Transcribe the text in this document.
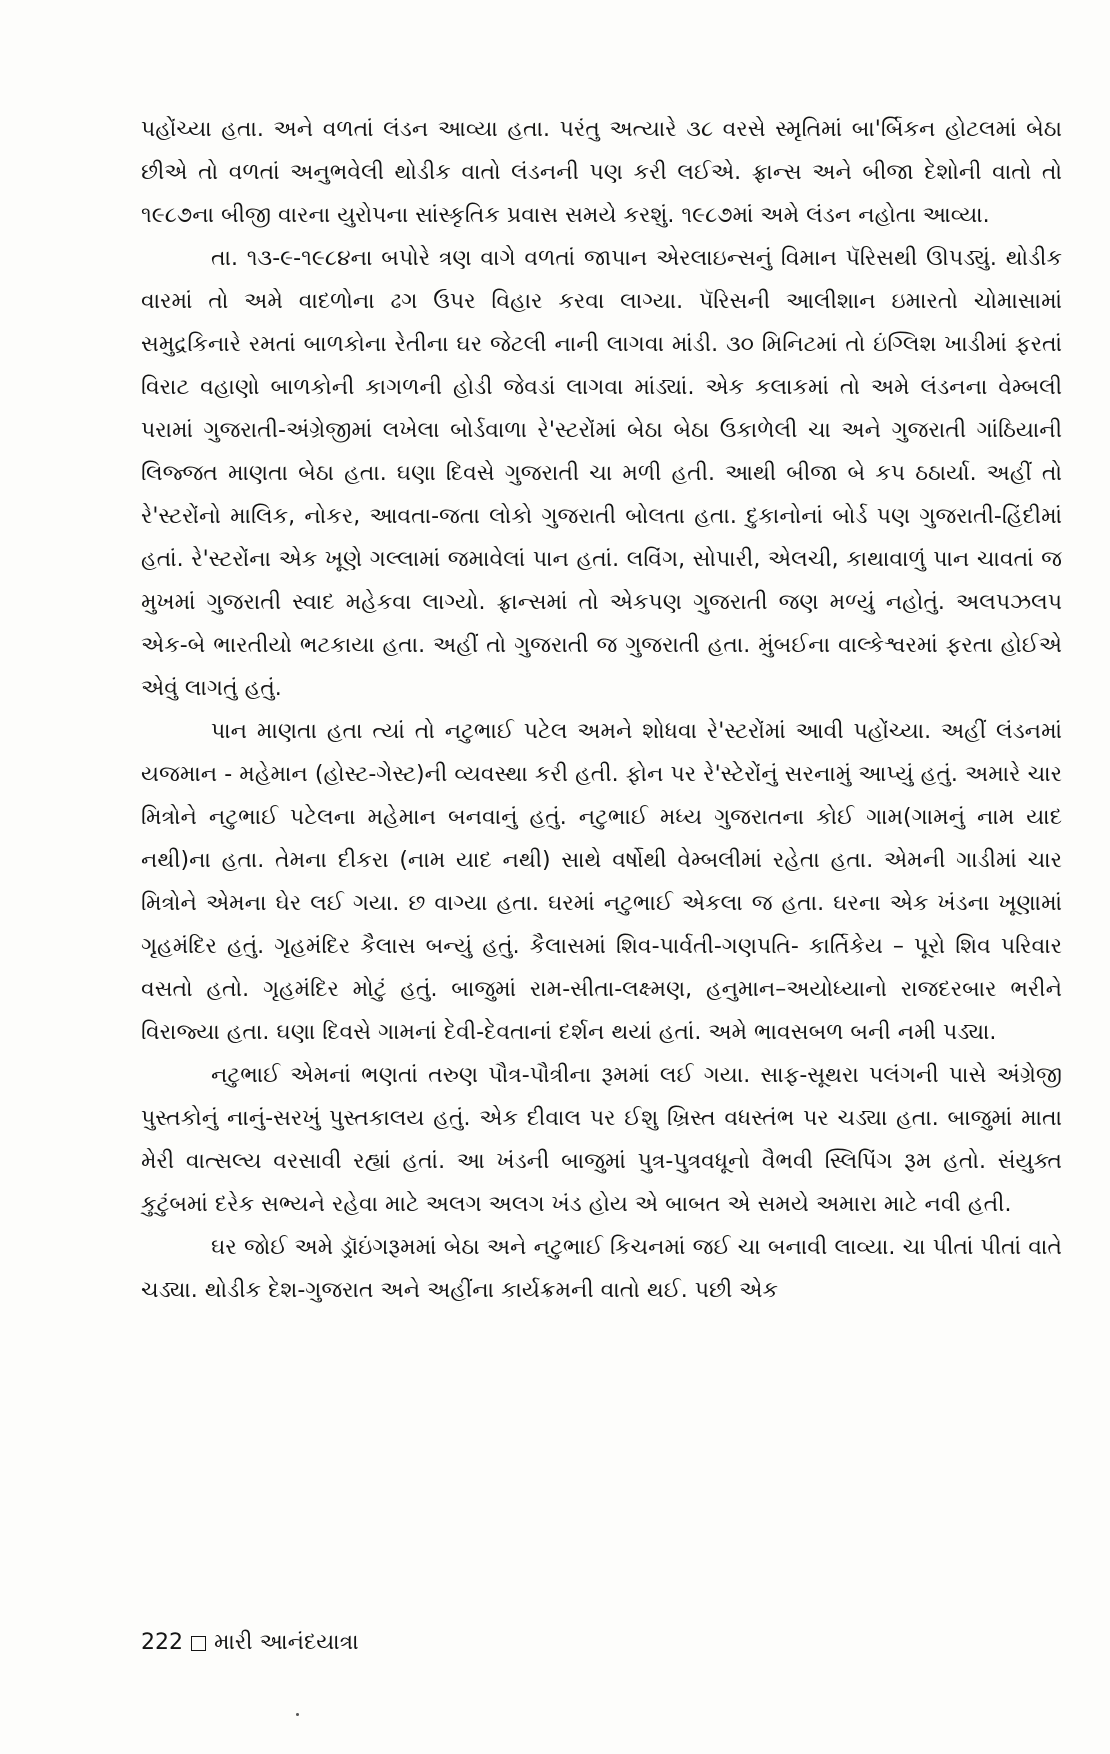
પહોંચ્યા હતા. અને વળતાં લંડન આવ્યા હતા. પરંતુ અત્યારે ૩૮ વરસે સ્મૃતિમાં બા'ર્બિકન હોટલમાં બેઠા છીએ તો વળતાં અનુભવેલી થોડીક વાતો લંડનની પણ કરી લઈએ. ફ્રાન્સ અને બીજા દેશોની વાતો તો ૧૯૮૭ના બીજી વારના યુરોપના સાંસ્કૃતિક પ્રવાસ સમયે કરશું. ૧૯૮૭માં અમે લંડન નહોતા આવ્યા.

તા. ૧૩-૯-૧૯૮૪ના બપોરે ત્રણ વાગે વળતાં જાપાન એરલાઇન્સનું વિમાન પૅરિસથી ઊપડ્યું. થોડીક વારમાં તો અમે વાદળોના ઢગ ઉપર વિહાર કરવા લાગ્યા. પૅરિસની આલીશાન ઇમારતો ચોમાસામાં સમુદ્રકિનારે રમતાં બાળકોના રેતીના ઘર જેટલી નાની લાગવા માંડી. ૩૦ મિનિટમાં તો ઇંગ્લિશ ખાડીમાં ફરતાં વિરાટ વહાણો બાળકોની કાગળની હોડી જેવડાં લાગવા માંડ્યાં. એક કલાકમાં તો અમે લંડનના વેમ્બલી પરામાં ગુજરાતી-અંગ્રેજીમાં લખેલા બોર્ડવાળા રે'સ્ટરોંમાં બેઠા બેઠા ઉકાળેલી ચા અને ગુજરાતી ગાંઠિયાની લિજ્જત માણતા બેઠા હતા. ઘણા દિવસે ગુજરાતી ચા મળી હતી. આથી બીજા બે કપ ઠઠાર્યા. અહીં તો રે'સ્ટરોંનો માલિક, નોકર, આવતા-જતા લોકો ગુજરાતી બોલતા હતા. દુકાનોનાં બોર્ડ પણ ગુજરાતી-હિંદીમાં હતાં. રે'સ્ટરોંના એક ખૂણે ગલ્લામાં જમાવેલાં પાન હતાં. લવિંગ, સોપારી, એલચી, કાથાવાળું પાન ચાવતાં જ મુખમાં ગુજરાતી સ્વાદ મહેકવા લાગ્યો. ફ્રાન્સમાં તો એકપણ ગુજરાતી જણ મળ્યું નહોતું. અલપઝલપ એક-બે ભારતીયો ભટકાયા હતા. અહીં તો ગુજરાતી જ ગુજરાતી હતા. મુંબઈના વાલ્કેશ્વરમાં ફરતા હોઈએ એવું લાગતું હતું.

પાન માણતા હતા ત્યાં તો નટુભાઈ પટેલ અમને શોધવા રે'સ્ટરોંમાં આવી પહોંચ્યા. અહીં લંડનમાં યજમાન - મહેમાન (હોસ્ટ-ગેસ્ટ)ની વ્યવસ્થા કરી હતી. ફોન પર રે'સ્ટેરોંનું સરનામું આપ્યું હતું. અમારે ચાર મિત્રોને નટુભાઈ પટેલના મહેમાન બનવાનું હતું. નટુભાઈ મધ્ય ગુજરાતના કોઈ ગામ(ગામનું નામ યાદ નથી)ના હતા. તેમના દીકરા (નામ યાદ નથી) સાથે વર્ષોથી વેમ્બલીમાં રહેતા હતા. એમની ગાડીમાં ચાર મિત્રોને એમના ઘેર લઈ ગયા. છ વાગ્યા હતા. ઘરમાં નટુભાઈ એકલા જ હતા. ઘરના એક ખંડના ખૂણામાં ગૃહમંદિર હતું. ગૃહમંદિર કૈલાસ બન્યું હતું. કૈલાસમાં શિવ-પાર્વતી-ગણપતિ- કાર્તિકેય – પૂરો શિવ પરિવાર વસતો હતો. ગૃહમંદિર મોટું હતું. બાજુમાં રામ-સીતા-લક્ષ્મણ, હનુમાન–અયોધ્યાનો રાજદરબાર ભરીને વિરાજ્યા હતા. ઘણા દિવસે ગામનાં દેવી-દેવતાનાં દર્શન થયાં હતાં. અમે ભાવસબળ બની નમી પડ્યા.

નટુભાઈ એમનાં ભણતાં તરુણ પૌત્ર-પૌત્રીના રૂમમાં લઈ ગયા. સાફ-સૂથરા પલંગની પાસે અંગ્રેજી પુસ્તકોનું નાનું-સરખું પુસ્તકાલય હતું. એક દીવાલ પર ઈશુ ખ્રિસ્ત વધસ્તંભ પર ચડ્યા હતા. બાજુમાં માતા મેરી વાત્સલ્ય વરસાવી રહ્યાં હતાં. આ ખંડની બાજુમાં પુત્ર-પુત્રવધૂનો વૈભવી સ્લિપિંગ રૂમ હતો. સંયુક્ત કુટુંબમાં દરેક સભ્યને રહેવા માટે અલગ અલગ ખંડ હોય એ બાબત એ સમયે અમારા માટે નવી હતી.

ઘર જોઈ અમે ડ્રૉઇંગરૂમમાં બેઠા અને નટુભાઈ કિચનમાં જઈ ચા બનાવી લાવ્યા. ચા પીતાં પીતાં વાતે ચડ્યા. થોડીક દેશ-ગુજરાત અને અહીંના કાર્યક્રમની વાતો થઈ. પછી એક

222 મારી આનંદયાત્રા
